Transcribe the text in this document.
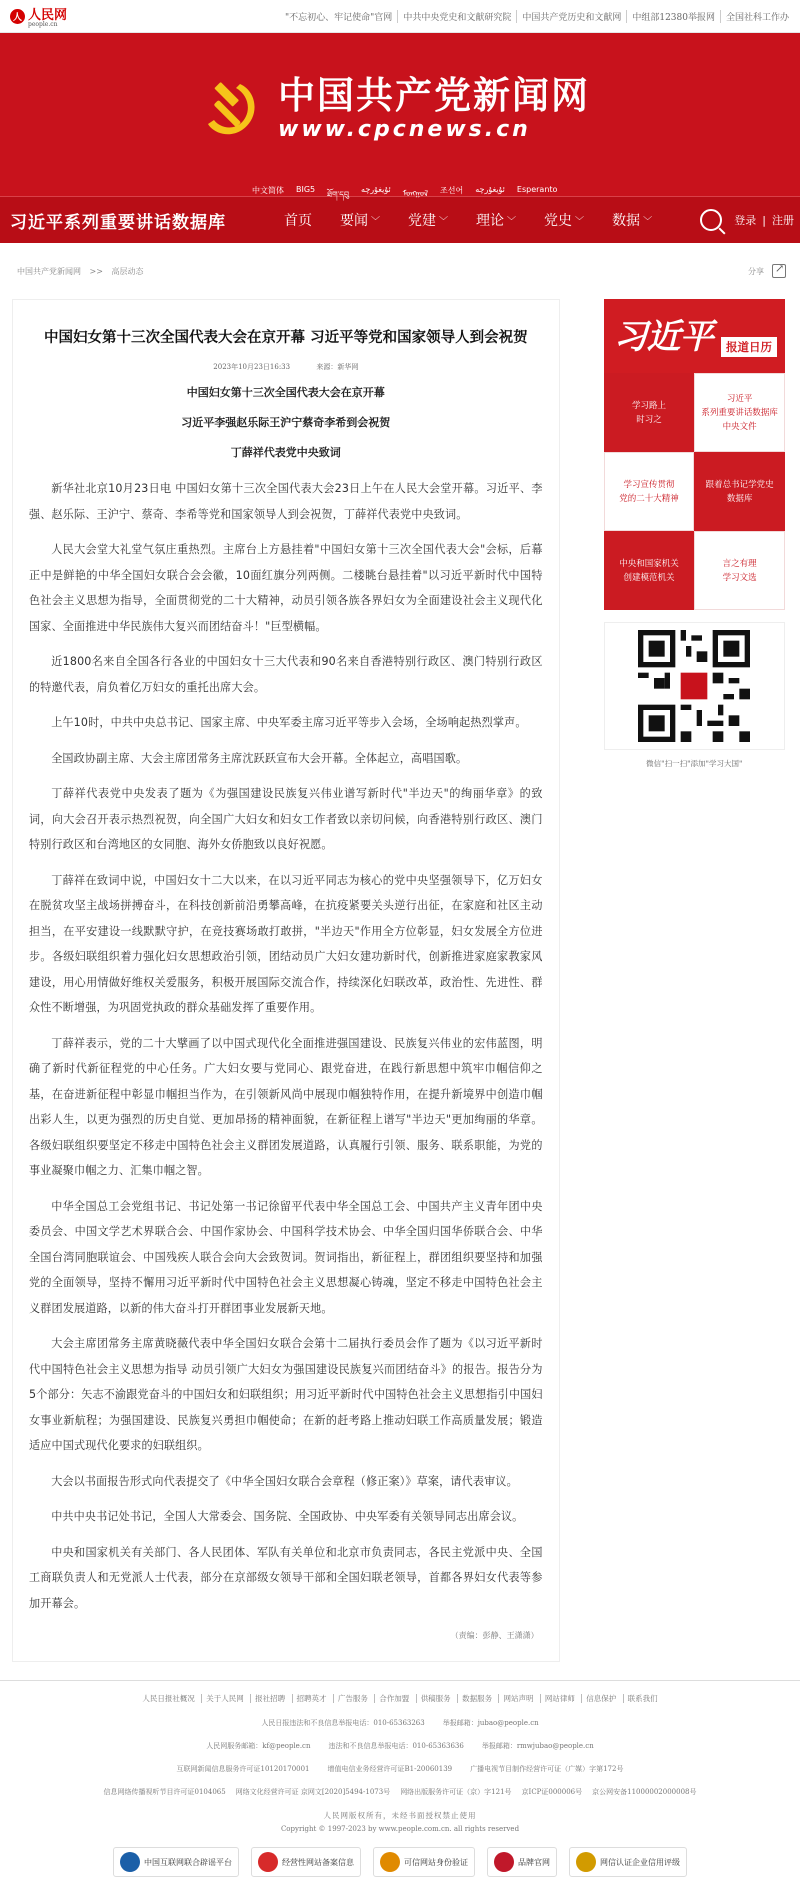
人 人民网
people.cn
"不忘初心、牢记使命"官网	中共中央党史和文献研究院	中国共产党历史和文献网	中组部12380举报网	全国社科工作办
中国共产党新闻网
www.cpcnews.cn
中文简体 BIG5
ཐོག་དབུ
ئۇيغۇرچە ᠮᠣᠩᠭᠣᠯ 조선어 ئۇيغۇرچە Esperanto
习近平系列重要讲话数据库	首页 要闻 ﹀ 党建 ﹀ 理论 ﹀ 党史 ﹀ 数据 ﹀	登录 | 注册
中国共产党新闻网 >> 高层动态	分享
↗
中国妇女第十三次全国代表大会在京开幕 习近平等党和国家领导人到会祝贺
2023年10月23日16:33	来源：新华网
中国妇女第十三次全国代表大会在京开幕
习近平李强赵乐际王沪宁蔡奇李希到会祝贺
丁薛祥代表党中央致词

新华社北京10月23日电 中国妇女第十三次全国代表大会23日上午在人民大会堂开幕。习近平、李强、赵乐际、王沪宁、蔡奇、李希等党和国家领导人到会祝贺，丁薛祥代表党中央致词。

人民大会堂大礼堂气氛庄重热烈。主席台上方悬挂着"中国妇女第十三次全国代表大会"会标，后幕正中是鲜艳的中华全国妇女联合会会徽，10面红旗分列两侧。二楼眺台悬挂着"以习近平新时代中国特色社会主义思想为指导，全面贯彻党的二十大精神，动员引领各族各界妇女为全面建设社会主义现代化国家、全面推进中华民族伟大复兴而团结奋斗！"巨型横幅。

近1800名来自全国各行各业的中国妇女十三大代表和90名来自香港特别行政区、澳门特别行政区的特邀代表，肩负着亿万妇女的重托出席大会。

上午10时，中共中央总书记、国家主席、中央军委主席习近平等步入会场，全场响起热烈掌声。

全国政协副主席、大会主席团常务主席沈跃跃宣布大会开幕。全体起立，高唱国歌。

丁薛祥代表党中央发表了题为《为强国建设民族复兴伟业谱写新时代"半边天"的绚丽华章》的致词，向大会召开表示热烈祝贺，向全国广大妇女和妇女工作者致以亲切问候，向香港特别行政区、澳门特别行政区和台湾地区的女同胞、海外女侨胞致以良好祝愿。

丁薛祥在致词中说，中国妇女十二大以来，在以习近平同志为核心的党中央坚强领导下，亿万妇女在脱贫攻坚主战场拼搏奋斗，在科技创新前沿勇攀高峰，在抗疫紧要关头逆行出征，在家庭和社区主动担当，在平安建设一线默默守护，在竞技赛场敢打敢拼，"半边天"作用全方位彰显，妇女发展全方位进步。各级妇联组织着力强化妇女思想政治引领，团结动员广大妇女建功新时代，创新推进家庭家教家风建设，用心用情做好维权关爱服务，积极开展国际交流合作，持续深化妇联改革，政治性、先进性、群众性不断增强，为巩固党执政的群众基础发挥了重要作用。

丁薛祥表示，党的二十大擘画了以中国式现代化全面推进强国建设、民族复兴伟业的宏伟蓝图，明确了新时代新征程党的中心任务。广大妇女要与党同心、跟党奋进，在践行新思想中筑牢巾帼信仰之基，在奋进新征程中彰显巾帼担当作为，在引领新风尚中展现巾帼独特作用，在提升新境界中创造巾帼出彩人生，以更为强烈的历史自觉、更加昂扬的精神面貌，在新征程上谱写"半边天"更加绚丽的华章。各级妇联组织要坚定不移走中国特色社会主义群团发展道路，认真履行引领、服务、联系职能，为党的事业凝聚巾帼之力、汇集巾帼之智。

中华全国总工会党组书记、书记处第一书记徐留平代表中华全国总工会、中国共产主义青年团中央委员会、中国文学艺术界联合会、中国作家协会、中国科学技术协会、中华全国归国华侨联合会、中华全国台湾同胞联谊会、中国残疾人联合会向大会致贺词。贺词指出，新征程上，群团组织要坚持和加强党的全面领导，坚持不懈用习近平新时代中国特色社会主义思想凝心铸魂，坚定不移走中国特色社会主义群团发展道路，以新的伟大奋斗打开群团事业发展新天地。

大会主席团常务主席黄晓薇代表中华全国妇女联合会第十二届执行委员会作了题为《以习近平新时代中国特色社会主义思想为指导 动员引领广大妇女为强国建设民族复兴而团结奋斗》的报告。报告分为5个部分：矢志不渝跟党奋斗的中国妇女和妇联组织；用习近平新时代中国特色社会主义思想指引中国妇女事业新航程；为强国建设、民族复兴勇担巾帼使命；在新的赶考路上推动妇联工作高质量发展；锻造适应中国式现代化要求的妇联组织。

大会以书面报告形式向代表提交了《中华全国妇女联合会章程（修正案）》草案，请代表审议。

中共中央书记处书记，全国人大常委会、国务院、全国政协、中央军委有关领导同志出席会议。

中央和国家机关有关部门、各人民团体、军队有关单位和北京市负责同志，各民主党派中央、全国工商联负责人和无党派人士代表，部分在京部级女领导干部和全国妇联老领导，首都各界妇女代表等参加开幕会。

（责编：彭静、王潇潇）
习近平	报道日历
学习路上
时习之
习近平
系列重要讲话数据库
中央文件
学习宣传贯彻
党的二十大精神
跟着总书记学党史
数据库
中央和国家机关
创建模范机关
言之有理
学习文选
微信"扫一扫"添加"学习大国"
人民日报社概况 关于人民网 报社招聘 招聘英才 广告服务 合作加盟 供稿服务 数据服务 网站声明 网站律师 信息保护 联系我们
人民日报违法和不良信息举报电话：010-65363263	举报邮箱：jubao@people.cn
人民网服务邮箱：kf@people.cn	违法和不良信息举报电话：010-65363636	举报邮箱：rmwjubao@people.cn
互联网新闻信息服务许可证10120170001	增值电信业务经营许可证B1-20060139	广播电视节目制作经营许可证（广媒）字第172号
信息网络传播视听节目许可证0104065 网络文化经营许可证 京网文[2020]5494-1073号 网络出版服务许可证（京）字121号 京ICP证000006号 京公网安备11000002000008号
人民网版权所有，未经书面授权禁止使用
Copyright © 1997-2023 by www.people.com.cn. all rights reserved
中国互联网联合辟谣平台	经营性网站备案信息	可信网站身份验证	品牌官网	网信认证企业信用评级
